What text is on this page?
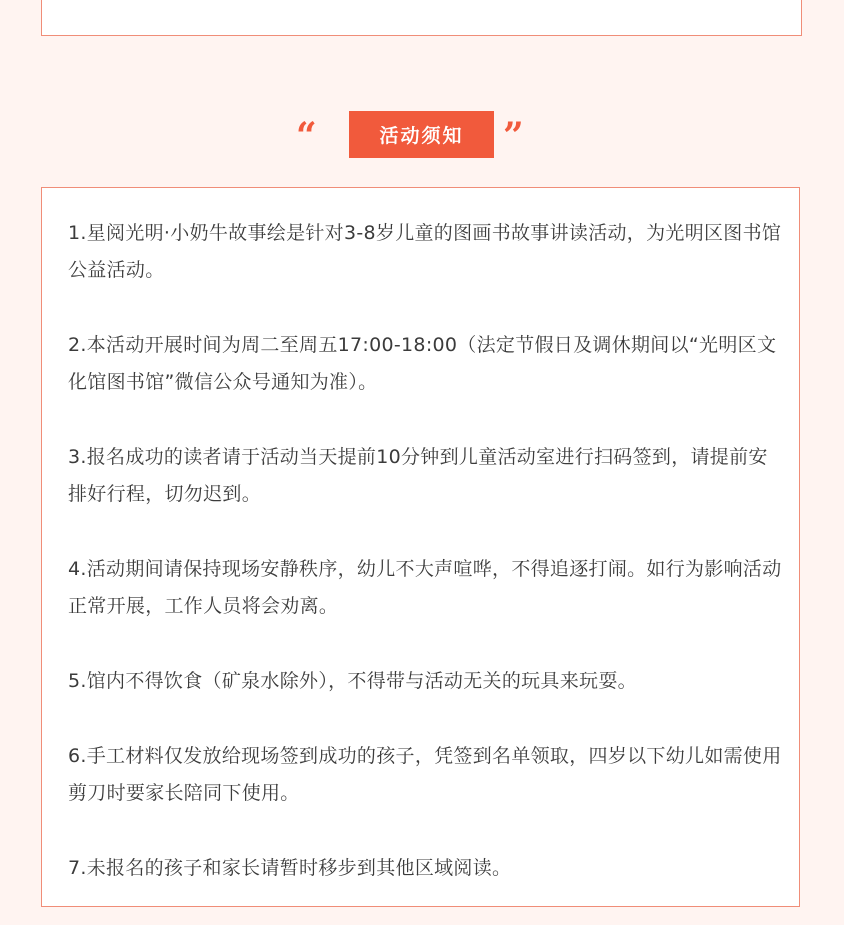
“	活动须知	”
1.星阅光明·小奶牛故事绘是针对3-8岁儿童的图画书故事讲读活动，为光明区图书馆公益活动。
2.本活动开展时间为周二至周五17:00-18:00（法定节假日及调休期间以“光明区文化馆图书馆”微信公众号通知为准）。
3.报名成功的读者请于活动当天提前10分钟到儿童活动室进行扫码签到，请提前安排好行程，切勿迟到。
4.活动期间请保持现场安静秩序，幼儿不大声喧哗，不得追逐打闹。如行为影响活动正常开展，工作人员将会劝离。
5.馆内不得饮食（矿泉水除外），不得带与活动无关的玩具来玩耍。
6.手工材料仅发放给现场签到成功的孩子，凭签到名单领取，四岁以下幼儿如需使用剪刀时要家长陪同下使用。
7.未报名的孩子和家长请暂时移步到其他区域阅读。
